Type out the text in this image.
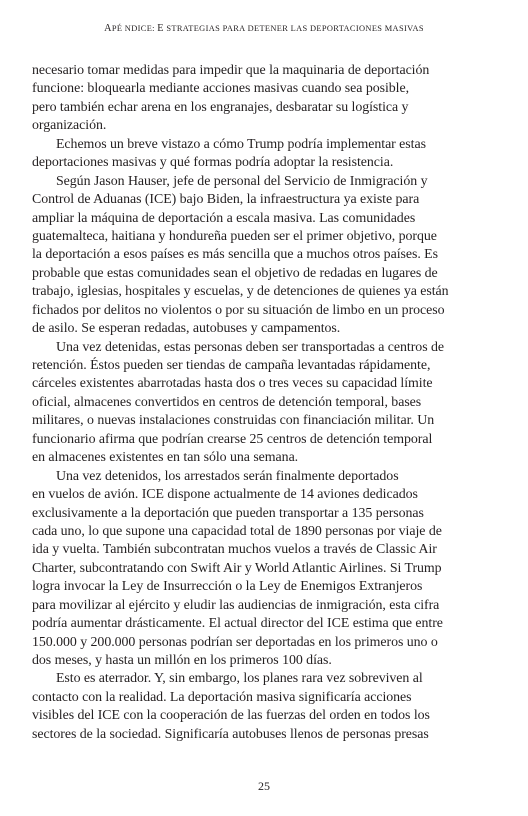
APÉ NDICE: E STRATEGIAS PARA DETENER LAS DEPORTACIONES MASIVAS
necesario tomar medidas para impedir que la maquinaria de deportación
funcione: bloquearla mediante acciones masivas cuando sea posible,
pero también echar arena en los engranajes, desbaratar su logística y
organización.
Echemos un breve vistazo a cómo Trump podría implementar estas
deportaciones masivas y qué formas podría adoptar la resistencia.
Según Jason Hauser, jefe de personal del Servicio de Inmigración y
Control de Aduanas (ICE) bajo Biden, la infraestructura ya existe para
ampliar la máquina de deportación a escala masiva. Las comunidades
guatemalteca, haitiana y hondureña pueden ser el primer objetivo, porque
la deportación a esos países es más sencilla que a muchos otros países. Es
probable que estas comunidades sean el objetivo de redadas en lugares de
trabajo, iglesias, hospitales y escuelas, y de detenciones de quienes ya están
fichados por delitos no violentos o por su situación de limbo en un proceso
de asilo. Se esperan redadas, autobuses y campamentos.
Una vez detenidas, estas personas deben ser transportadas a centros de
retención. Éstos pueden ser tiendas de campaña levantadas rápidamente,
cárceles existentes abarrotadas hasta dos o tres veces su capacidad límite
oficial, almacenes convertidos en centros de detención temporal, bases
militares, o nuevas instalaciones construidas con financiación militar. Un
funcionario afirma que podrían crearse 25 centros de detención temporal
en almacenes existentes en tan sólo una semana.
Una vez detenidos, los arrestados serán finalmente deportados
en vuelos de avión. ICE dispone actualmente de 14 aviones dedicados
exclusivamente a la deportación que pueden transportar a 135 personas
cada uno, lo que supone una capacidad total de 1890 personas por viaje de
ida y vuelta. También subcontratan muchos vuelos a través de Classic Air
Charter, subcontratando con Swift Air y World Atlantic Airlines. Si Trump
logra invocar la Ley de Insurrección o la Ley de Enemigos Extranjeros
para movilizar al ejército y eludir las audiencias de inmigración, esta cifra
podría aumentar drásticamente. El actual director del ICE estima que entre
150.000 y 200.000 personas podrían ser deportadas en los primeros uno o
dos meses, y hasta un millón en los primeros 100 días.
Esto es aterrador. Y, sin embargo, los planes rara vez sobreviven al
contacto con la realidad. La deportación masiva significaría acciones
visibles del ICE con la cooperación de las fuerzas del orden en todos los
sectores de la sociedad. Significaría autobuses llenos de personas presas
25
